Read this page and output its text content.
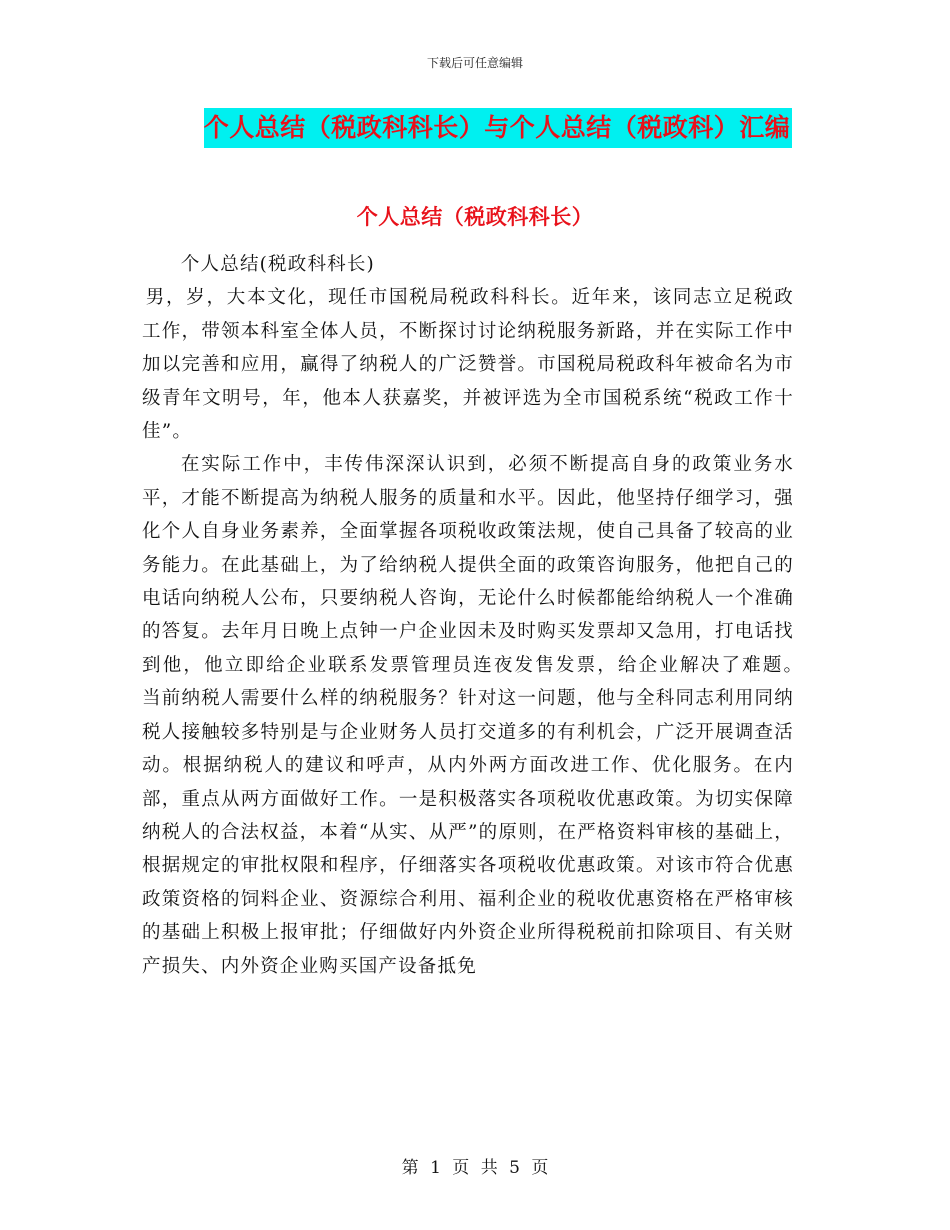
下载后可任意编辑
个人总结（税政科科长）与个人总结（税政科）汇编
个人总结（税政科科长）

个人总结(税政科科长)

男，岁，大本文化，现任市国税局税政科科长。近年来，该同志立足税政工作，带领本科室全体人员，不断探讨讨论纳税服务新路，并在实际工作中加以完善和应用，赢得了纳税人的广泛赞誉。市国税局税政科年被命名为市级青年文明号，年，他本人获嘉奖，并被评选为全市国税系统“税政工作十佳”。

在实际工作中，丰传伟深深认识到，必须不断提高自身的政策业务水平，才能不断提高为纳税人服务的质量和水平。因此，他坚持仔细学习，强化个人自身业务素养，全面掌握各项税收政策法规，使自己具备了较高的业务能力。在此基础上，为了给纳税人提供全面的政策咨询服务，他把自己的电话向纳税人公布，只要纳税人咨询，无论什么时候都能给纳税人一个准确的答复。去年月日晚上点钟一户企业因未及时购买发票却又急用，打电话找到他，他立即给企业联系发票管理员连夜发售发票，给企业解决了难题。　　当前纳税人需要什么样的纳税服务？针对这一问题，他与全科同志利用同纳税人接触较多特别是与企业财务人员打交道多的有利机会，广泛开展调查活动。根据纳税人的建议和呼声，从内外两方面改进工作、优化服务。在内部，重点从两方面做好工作。一是积极落实各项税收优惠政策。为切实保障纳税人的合法权益，本着“从实、从严”的原则，在严格资料审核的基础上，根据规定的审批权限和程序，仔细落实各项税收优惠政策。对该市符合优惠政策资格的饲料企业、资源综合利用、福利企业的税收优惠资格在严格审核的基础上积极上报审批；仔细做好内外资企业所得税税前扣除项目、有关财产损失、内外资企业购买国产设备抵免

第 1 页 共 5 页
